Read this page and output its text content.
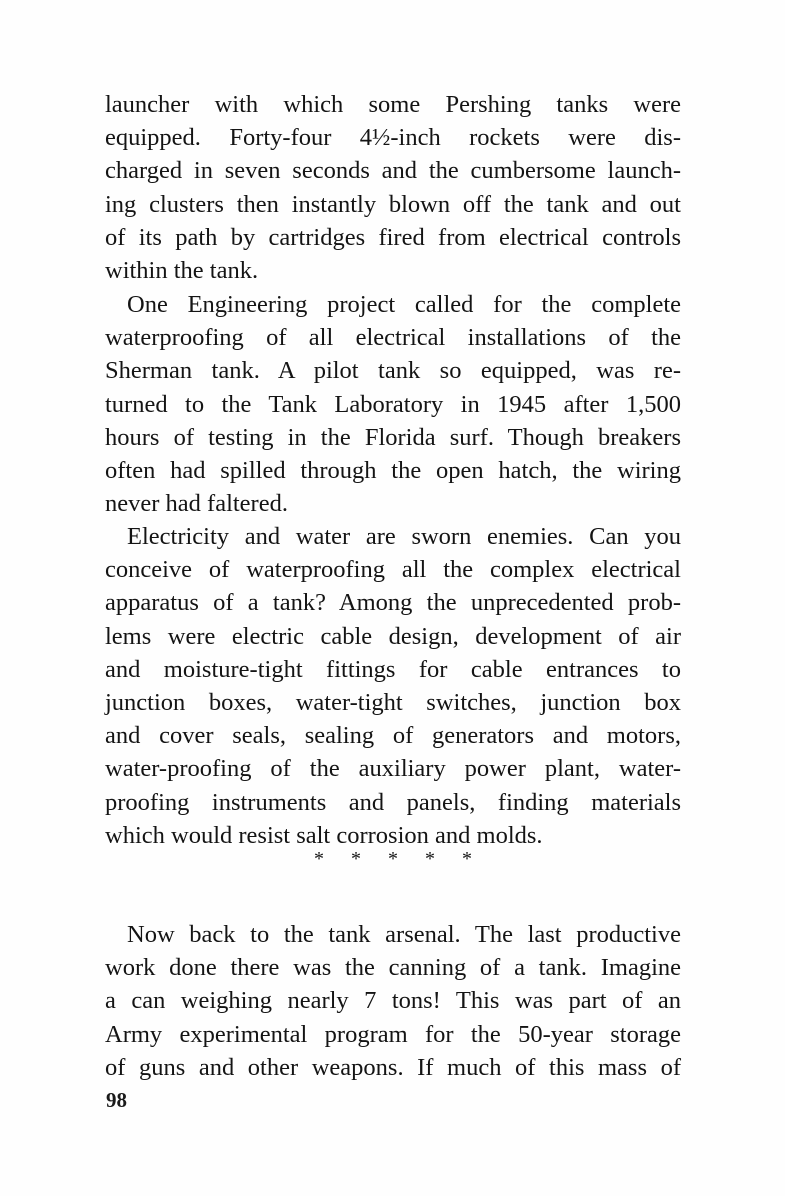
launcher with which some Pershing tanks were
equipped. Forty-four 4½-inch rockets were dis-
charged in seven seconds and the cumbersome launch-
ing clusters then instantly blown off the tank and out
of its path by cartridges fired from electrical controls
within the tank.
One Engineering project called for the complete
waterproofing of all electrical installations of the
Sherman tank. A pilot tank so equipped, was re-
turned to the Tank Laboratory in 1945 after 1,500
hours of testing in the Florida surf. Though breakers
often had spilled through the open hatch, the wiring
never had faltered.
Electricity and water are sworn enemies. Can you
conceive of waterproofing all the complex electrical
apparatus of a tank? Among the unprecedented prob-
lems were electric cable design, development of air
and moisture-tight fittings for cable entrances to
junction boxes, water-tight switches, junction box
and cover seals, sealing of generators and motors,
water-proofing of the auxiliary power plant, water-
proofing instruments and panels, finding materials
which would resist salt corrosion and molds.
* * * * *
Now back to the tank arsenal. The last productive
work done there was the canning of a tank. Imagine
a can weighing nearly 7 tons! This was part of an
Army experimental program for the 50-year storage
of guns and other weapons. If much of this mass of
98
